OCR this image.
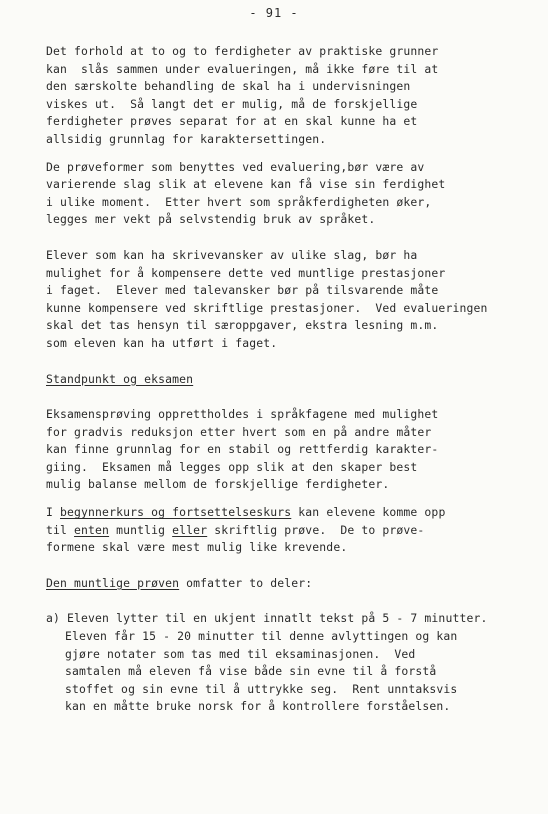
- 91 -
Det forhold at to og to ferdigheter av praktiske grunner
kan  slås sammen under evalueringen, må ikke føre til at
den særskolte behandling de skal ha i undervisningen
viskes ut.  Så langt det er mulig, må de forskjellige
ferdigheter prøves separat for at en skal kunne ha et
allsidig grunnlag for karaktersettingen.
De prøveformer som benyttes ved evaluering,bør være av
varierende slag slik at elevene kan få vise sin ferdighet
i ulike moment.  Etter hvert som språkferdigheten øker,
legges mer vekt på selvstendig bruk av språket.
Elever som kan ha skrivevansker av ulike slag, bør ha
mulighet for å kompensere dette ved muntlige prestasjoner
i faget.  Elever med talevansker bør på tilsvarende måte
kunne kompensere ved skriftlige prestasjoner.  Ved evalueringen
skal det tas hensyn til særoppgaver, ekstra lesning m.m.
som eleven kan ha utført i faget.
Standpunkt og eksamen
Eksamensprøving opprettholdes i språkfagene med mulighet
for gradvis reduksjon etter hvert som en på andre måter
kan finne grunnlag for en stabil og rettferdig karakter-
giing.  Eksamen må legges opp slik at den skaper best
mulig balanse mellom de forskjellige ferdigheter.
I begynnerkurs og fortsettelseskurs kan elevene komme opp
til enten muntlig eller skriftlig prøve.  De to prøve-
formene skal være mest mulig like krevende.
Den muntlige prøven omfatter to deler:
a) Eleven lytter til en ukjent innatlt tekst på 5 - 7 minutter.
Eleven får 15 - 20 minutter til denne avlyttingen og kan
gjøre notater som tas med til eksaminasjonen.  Ved
samtalen må eleven få vise både sin evne til å forstå
stoffet og sin evne til å uttrykke seg.  Rent unntaksvis
kan en måtte bruke norsk for å kontrollere forståelsen.
